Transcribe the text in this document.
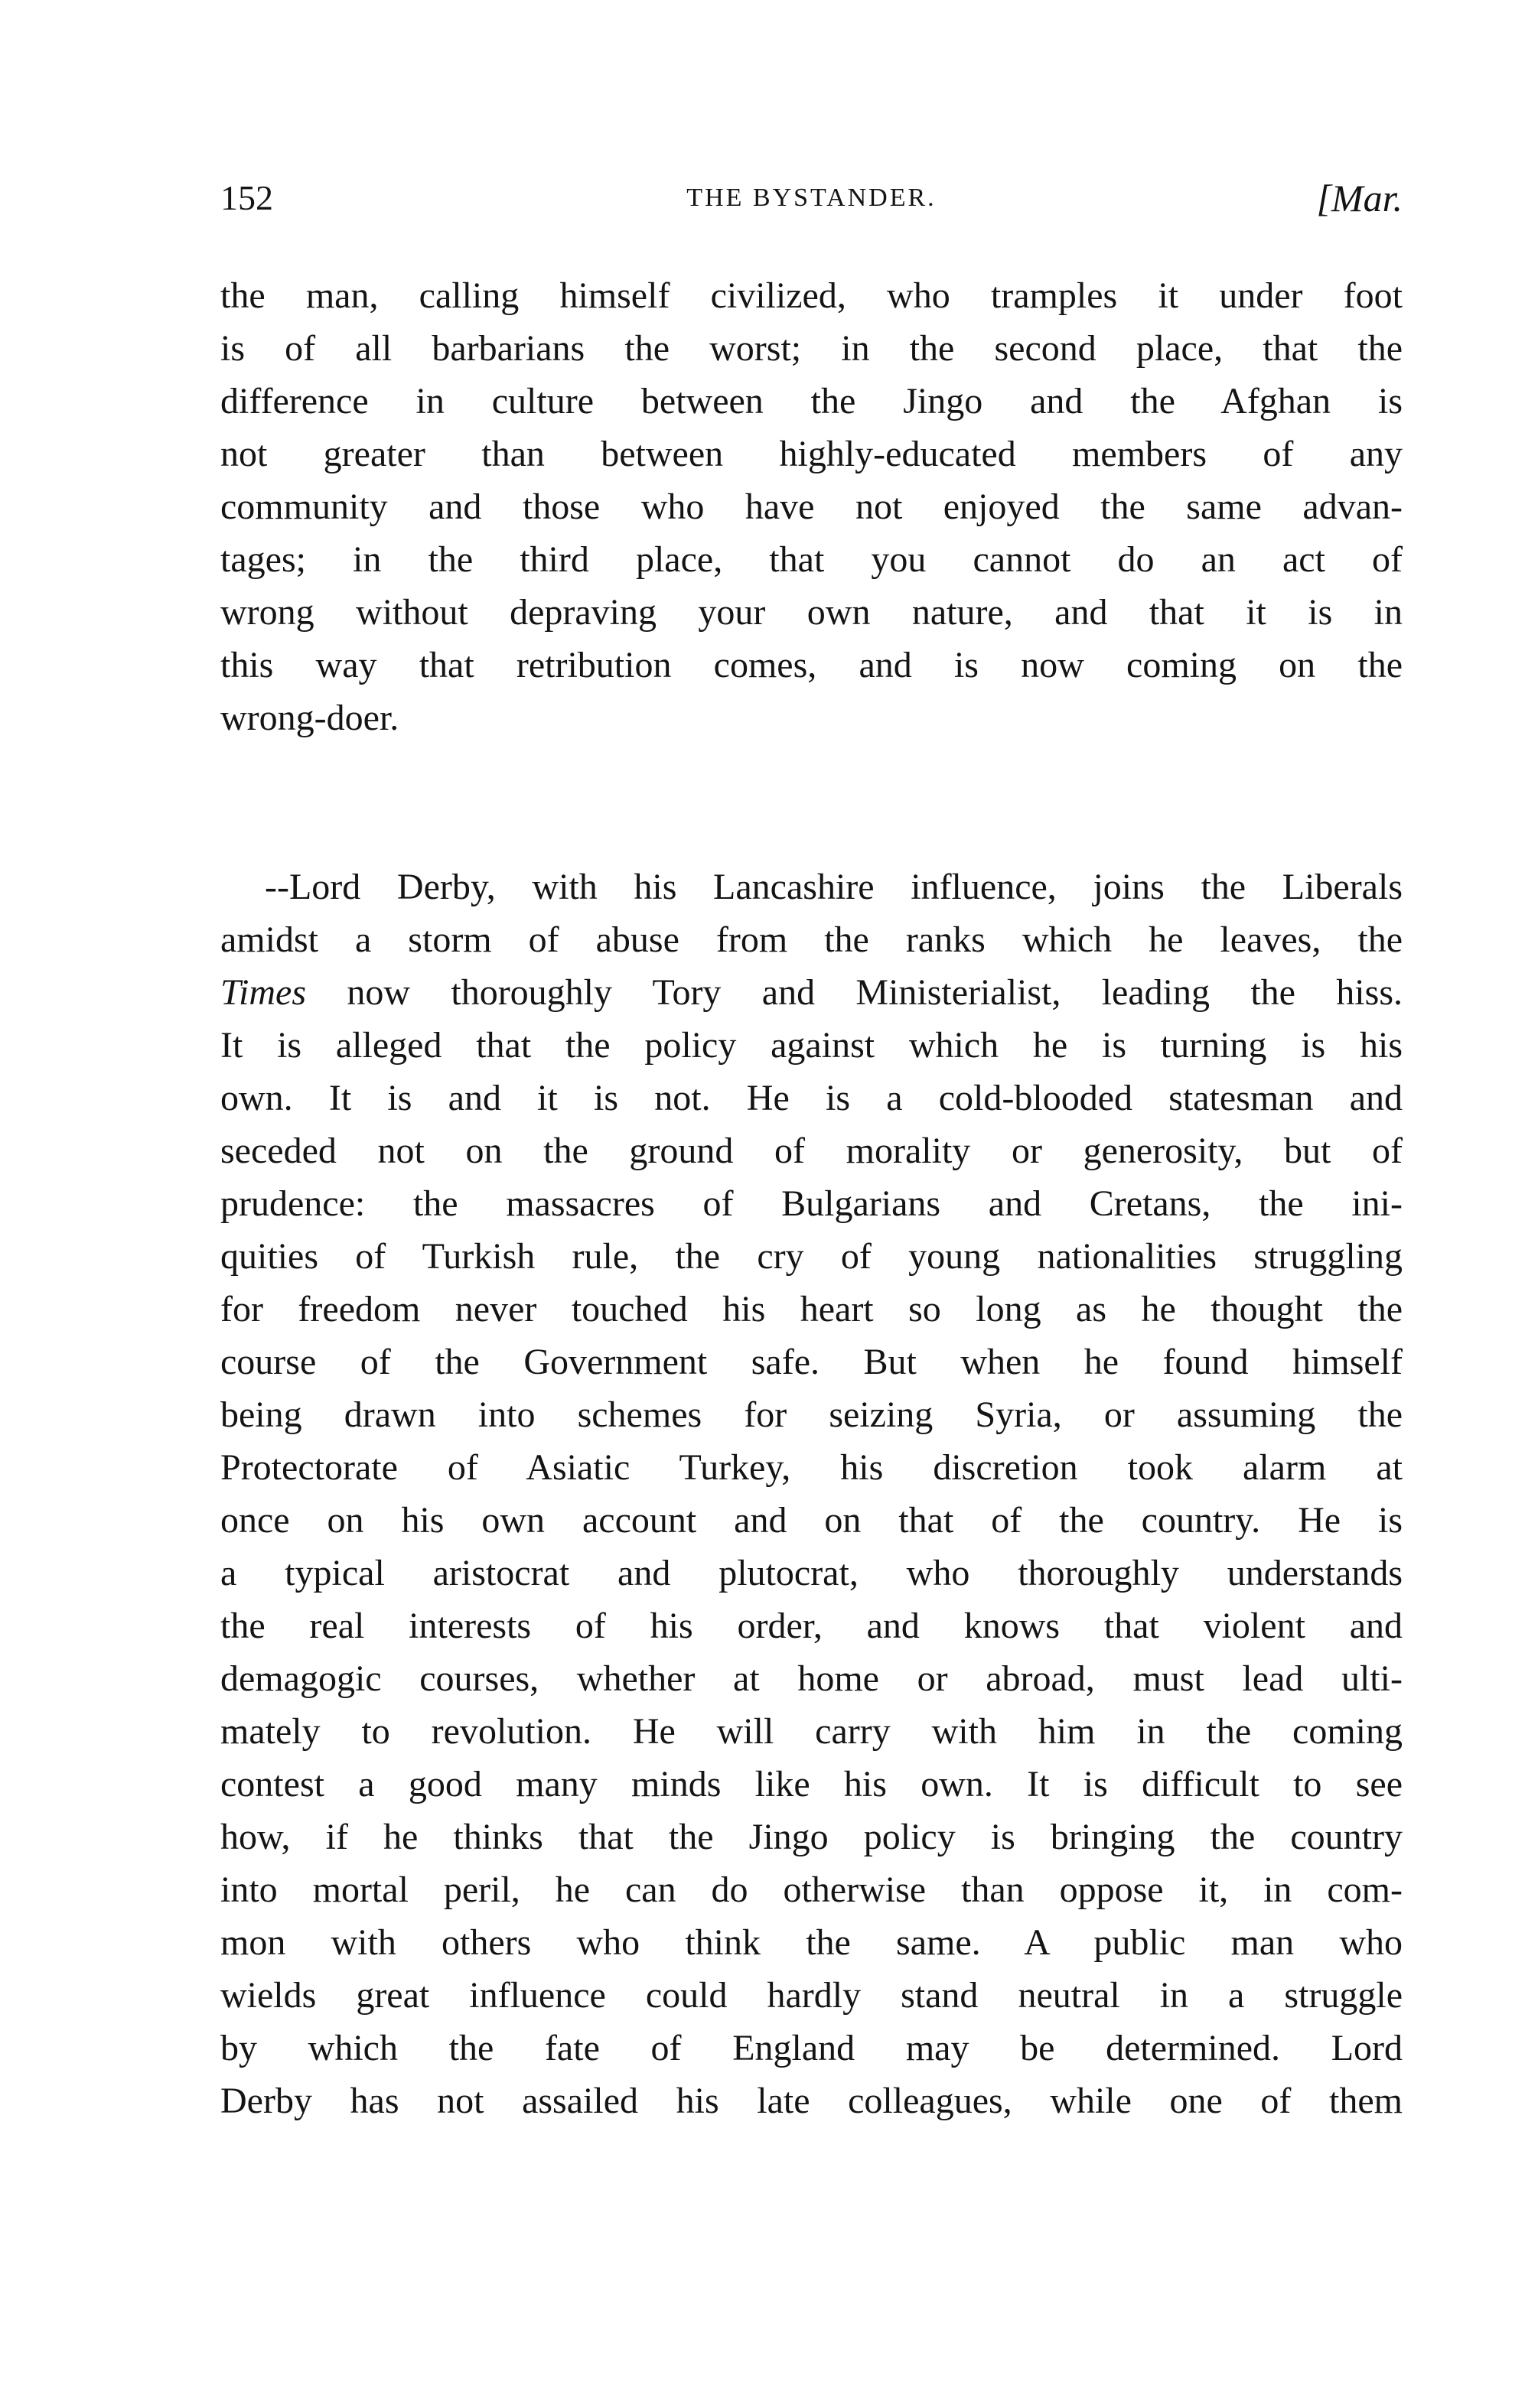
152	THE BYSTANDER.	[Mar.
the man, calling himself civilized, who tramples it under foot
is of all barbarians the worst; in the second place, that the
difference in culture between the Jingo and the Afghan is
not greater than between highly-educated members of any
community and those who have not enjoyed the same advan-
tages; in the third place, that you cannot do an act of
wrong without depraving your own nature, and that it is in
this way that retribution comes, and is now coming on the
wrong-doer.
--Lord Derby, with his Lancashire influence, joins the Liberals
amidst a storm of abuse from the ranks which he leaves, the
Times now thoroughly Tory and Ministerialist, leading the hiss.
It is alleged that the policy against which he is turning is his
own. It is and it is not. He is a cold-blooded statesman and
seceded not on the ground of morality or generosity, but of
prudence: the massacres of Bulgarians and Cretans, the ini-
quities of Turkish rule, the cry of young nationalities struggling
for freedom never touched his heart so long as he thought the
course of the Government safe. But when he found himself
being drawn into schemes for seizing Syria, or assuming the
Protectorate of Asiatic Turkey, his discretion took alarm at
once on his own account and on that of the country. He is
a typical aristocrat and plutocrat, who thoroughly understands
the real interests of his order, and knows that violent and
demagogic courses, whether at home or abroad, must lead ulti-
mately to revolution. He will carry with him in the coming
contest a good many minds like his own. It is difficult to see
how, if he thinks that the Jingo policy is bringing the country
into mortal peril, he can do otherwise than oppose it, in com-
mon with others who think the same. A public man who
wields great influence could hardly stand neutral in a struggle
by which the fate of England may be determined. Lord
Derby has not assailed his late colleagues, while one of them
